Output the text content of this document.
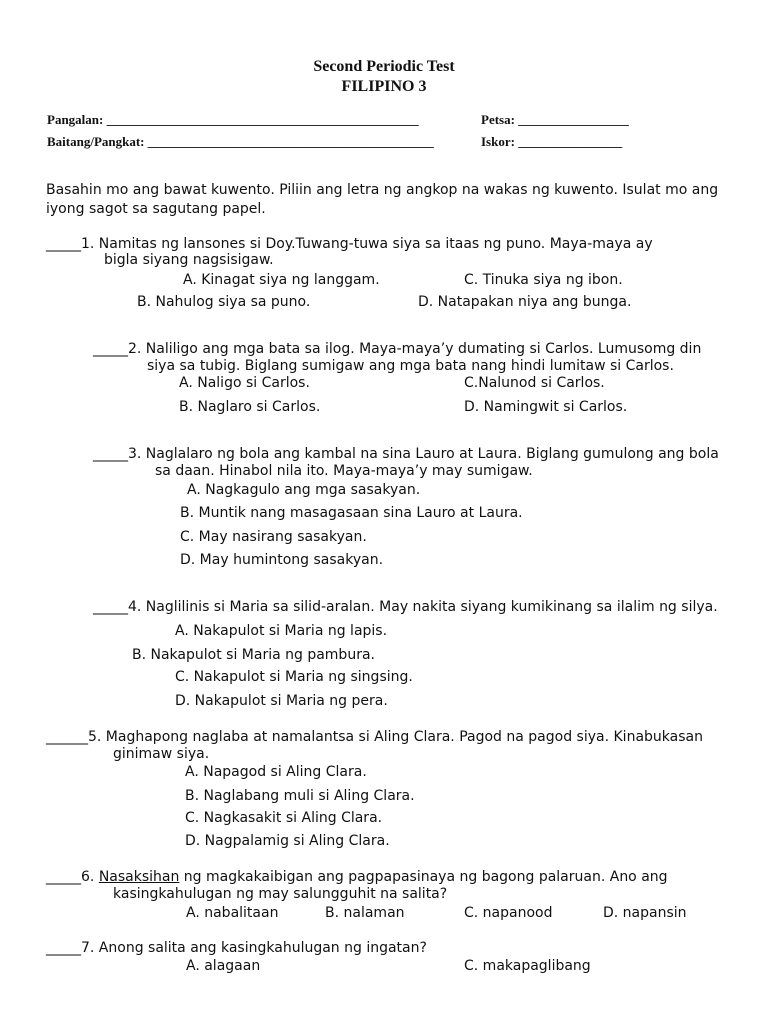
Second Periodic Test
FILIPINO 3
Pangalan: ________________________________________________	Petsa: _________________
Baitang/Pangkat: ____________________________________________	Iskor: ________________
Basahin mo ang bawat kuwento. Piliin ang letra ng angkop na wakas ng kuwento. Isulat mo ang
iyong sagot sa sagutang papel.
_____1. Namitas ng lansones si Doy.Tuwang-tuwa siya sa itaas ng puno. Maya-maya ay
bigla siyang nagsisigaw.
A. Kinagat siya ng langgam.	C. Tinuka siya ng ibon.
B. Nahulog siya sa puno.	D. Natapakan niya ang bunga.
_____2. Naliligo ang mga bata sa ilog. Maya-maya’y dumating si Carlos. Lumusomg din
siya sa tubig. Biglang sumigaw ang mga bata nang hindi lumitaw si Carlos.
A. Naligo si Carlos.	C.Nalunod si Carlos.
B. Naglaro si Carlos.	D. Namingwit si Carlos.
_____3. Naglalaro ng bola ang kambal na sina Lauro at Laura. Biglang gumulong ang bola
sa daan. Hinabol nila ito. Maya-maya’y may sumigaw.
A. Nagkagulo ang mga sasakyan.
B. Muntik nang masagasaan sina Lauro at Laura.
C. May nasirang sasakyan.
D. May humintong sasakyan.
_____4. Naglilinis si Maria sa silid-aralan. May nakita siyang kumikinang sa ilalim ng silya.
A. Nakapulot si Maria ng lapis.
B. Nakapulot si Maria ng pambura.
C. Nakapulot si Maria ng singsing.
D. Nakapulot si Maria ng pera.
______5. Maghapong naglaba at namalantsa si Aling Clara. Pagod na pagod siya. Kinabukasan
ginimaw siya.
A. Napagod si Aling Clara.
B. Naglabang muli si Aling Clara.
C. Nagkasakit si Aling Clara.
D. Nagpalamig si Aling Clara.
_____6. Nasaksihan ng magkakaibigan ang pagpapasinaya ng bagong palaruan. Ano ang
kasingkahulugan ng may salungguhit na salita?
A. nabalitaan	B. nalaman	C. napanood	D. napansin
_____7. Anong salita ang kasingkahulugan ng ingatan?
A. alagaan	C. makapaglibang
